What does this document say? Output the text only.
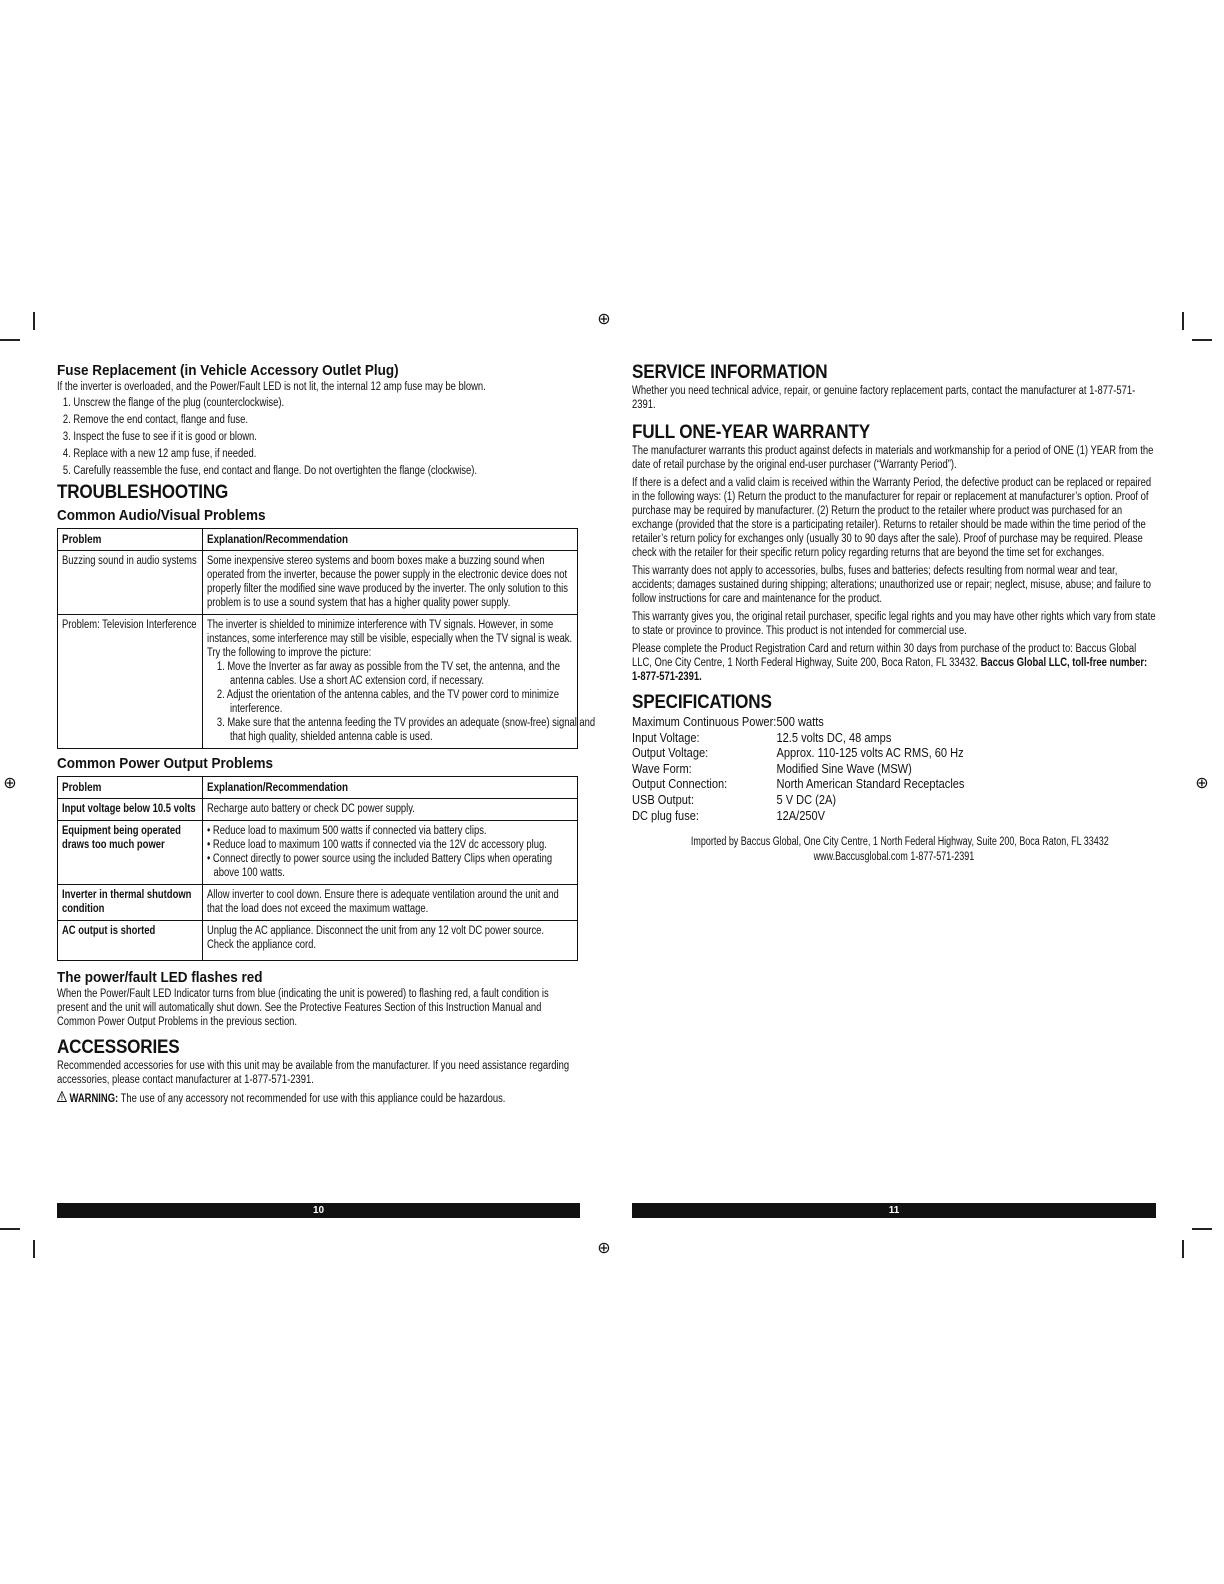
⊕
⊕
⊕	⊕
Fuse Replacement (in Vehicle Accessory Outlet Plug)
If the inverter is overloaded, and the Power/Fault LED is not lit, the internal 12 amp fuse may be blown.
1. Unscrew the flange of the plug (counterclockwise).
2. Remove the end contact, flange and fuse.
3. Inspect the fuse to see if it is good or blown.
4. Replace with a new 12 amp fuse, if needed.
5. Carefully reassemble the fuse, end contact and flange. Do not overtighten the flange (clockwise).
TROUBLESHOOTING
Common Audio/Visual Problems
Problem	Explanation/Recommendation

Buzzing sound in audio systems	Some inexpensive stereo systems and boom boxes make a buzzing sound when operated from the inverter, because the power supply in the electronic device does not properly filter the modified sine wave produced by the inverter. The only solution to this problem is to use a sound system that has a higher quality power supply.

Problem: Television Interference	The inverter is shielded to minimize interference with TV signals. However, in some instances, some interference may still be visible, especially when the TV signal is weak. Try the following to improve the picture:
1. Move the Inverter as far away as possible from the TV set, the antenna, and the antenna cables. Use a short AC extension cord, if necessary.
2. Adjust the orientation of the antenna cables, and the TV power cord to minimize interference.
3. Make sure that the antenna feeding the TV provides an adequate (snow-free) signal and that high quality, shielded antenna cable is used.
Common Power Output Problems
Problem	Explanation/Recommendation

Input voltage below 10.5 volts	Recharge auto battery or check DC power supply.

Equipment being operated draws too much power	• Reduce load to maximum 500 watts if connected via battery clips.
• Reduce load to maximum 100 watts if connected via the 12V dc accessory plug.
• Connect directly to power source using the included Battery Clips when operating above 100 watts.

Inverter in thermal shutdown condition	Allow inverter to cool down. Ensure there is adequate ventilation around the unit and that the load does not exceed the maximum wattage.

AC output is shorted	Unplug the AC appliance. Disconnect the unit from any 12 volt DC power source. Check the appliance cord.
The power/fault LED flashes red
When the Power/Fault LED Indicator turns from blue (indicating the unit is powered) to flashing red, a fault condition is present and the unit will automatically shut down. See the Protective Features Section of this Instruction Manual and Common Power Output Problems in the previous section.
ACCESSORIES
Recommended accessories for use with this unit may be available from the manufacturer. If you need assistance regarding accessories, please contact manufacturer at 1-877-571-2391.
WARNING: The use of any accessory not recommended for use with this appliance could be hazardous.
10
SERVICE INFORMATION
Whether you need technical advice, repair, or genuine factory replacement parts, contact the manufacturer at 1-877-571-2391.
FULL ONE-YEAR WARRANTY
The manufacturer warrants this product against defects in materials and workmanship for a period of ONE (1) YEAR from the date of retail purchase by the original end-user purchaser (“Warranty Period”).
If there is a defect and a valid claim is received within the Warranty Period, the defective product can be replaced or repaired in the following ways: (1) Return the product to the manufacturer for repair or replacement at manufacturer’s option. Proof of purchase may be required by manufacturer. (2) Return the product to the retailer where product was purchased for an exchange (provided that the store is a participating retailer). Returns to retailer should be made within the time period of the retailer’s return policy for exchanges only (usually 30 to 90 days after the sale). Proof of purchase may be required. Please check with the retailer for their specific return policy regarding returns that are beyond the time set for exchanges.
This warranty does not apply to accessories, bulbs, fuses and batteries; defects resulting from normal wear and tear, accidents; damages sustained during shipping; alterations; unauthorized use or repair; neglect, misuse, abuse; and failure to follow instructions for care and maintenance for the product.
This warranty gives you, the original retail purchaser, specific legal rights and you may have other rights which vary from state to state or province to province. This product is not intended for commercial use.
Please complete the Product Registration Card and return within 30 days from purchase of the product to: Baccus Global LLC, One City Centre, 1 North Federal Highway, Suite 200, Boca Raton, FL 33432. Baccus Global LLC, toll-free number: 1-877-571-2391.
SPECIFICATIONS
Maximum Continuous Power: 500 watts
Input Voltage:	12.5 volts DC, 48 amps
Output Voltage:	Approx. 110-125 volts AC RMS, 60 Hz
Wave Form:	Modified Sine Wave (MSW)
Output Connection:	North American Standard Receptacles
USB Output:	5 V DC (2A)
DC plug fuse:	12A/250V
Imported by Baccus Global, One City Centre, 1 North Federal Highway, Suite 200, Boca Raton, FL 33432
www.Baccusglobal.com 1-877-571-2391
11
